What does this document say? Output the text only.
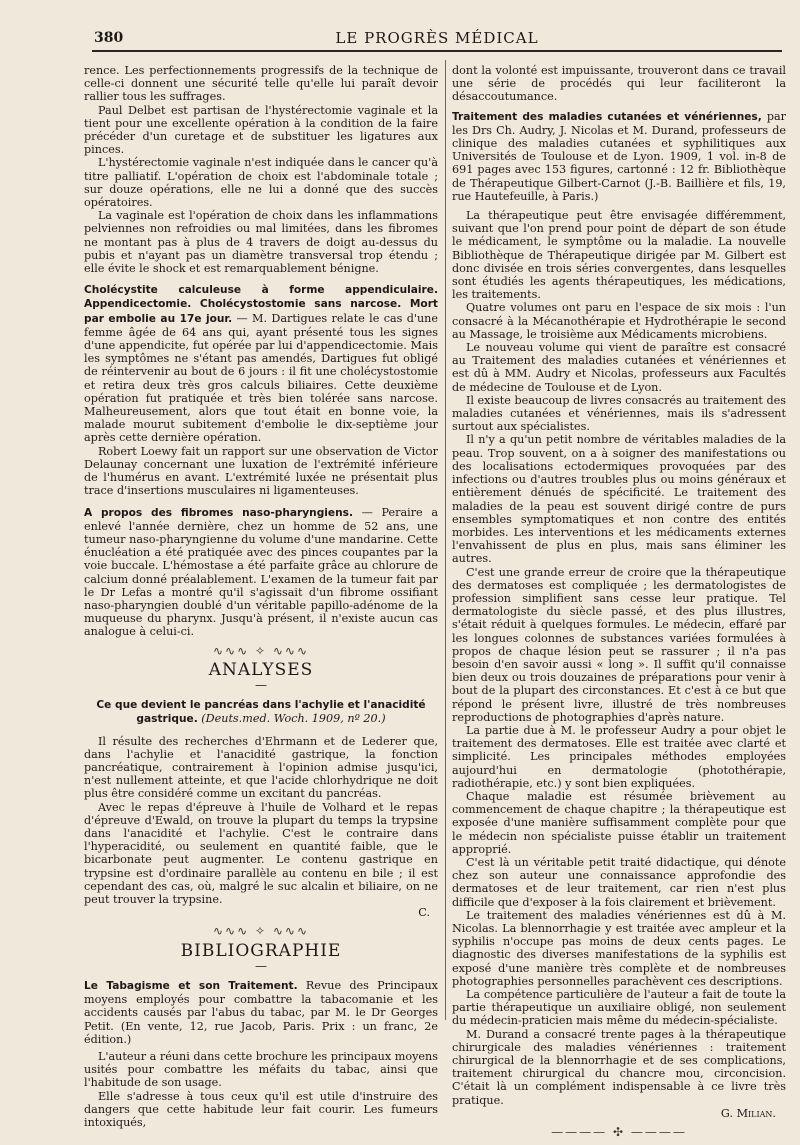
380	LE PROGRÈS MÉDICAL

rence. Les perfectionnements progressifs de la technique de celle-ci donnent une sécurité telle qu'elle lui paraît devoir rallier tous les suffrages.

Paul Delbet est partisan de l'hystérectomie vaginale et la tient pour une excellente opération à la condition de la faire précéder d'un curetage et de substituer les ligatures aux pinces.

L'hystérectomie vaginale n'est indiquée dans le cancer qu'à titre palliatif. L'opération de choix est l'abdominale totale ; sur douze opérations, elle ne lui a donné que des succès opératoires.

La vaginale est l'opération de choix dans les inflammations pelviennes non refroidies ou mal limitées, dans les fibromes ne montant pas à plus de 4 travers de doigt au-dessus du pubis et n'ayant pas un diamètre transversal trop étendu ; elle évite le shock et est remarquablement bénigne.

Cholécystite calculeuse à forme appendiculaire. Appendicectomie. Cholécystostomie sans narcose. Mort par embolie au 17e jour. — M. Dartigues relate le cas d'une femme âgée de 64 ans qui, ayant présenté tous les signes d'une appendicite, fut opérée par lui d'appendicectomie. Mais les symptômes ne s'étant pas amendés, Dartigues fut obligé de réintervenir au bout de 6 jours : il fit une cholécystostomie et retira deux très gros calculs biliaires. Cette deuxième opération fut pratiquée et très bien tolérée sans narcose. Malheureusement, alors que tout était en bonne voie, la malade mourut subitement d'embolie le dix-septième jour après cette dernière opération.

Robert Loewy fait un rapport sur une observation de Victor Delaunay concernant une luxation de l'extrémité inférieure de l'humérus en avant. L'extrémité luxée ne présentait plus trace d'insertions musculaires ni ligamenteuses.

A propos des fibromes naso-pharyngiens. — Peraire a enlevé l'année dernière, chez un homme de 52 ans, une tumeur naso-pharyngienne du volume d'une mandarine. Cette énucléation a été pratiquée avec des pinces coupantes par la voie buccale. L'hémostase a été parfaite grâce au chlorure de calcium donné préalablement. L'examen de la tumeur fait par le Dr Lefas a montré qu'il s'agissait d'un fibrome ossifiant naso-pharyngien doublé d'un véritable papillo-adénome de la muqueuse du pharynx. Jusqu'à présent, il n'existe aucun cas analogue à celui-ci.

∿∿∿ ✧ ∿∿∿
ANALYSES
—

Ce que devient le pancréas dans l'achylie et l'anacidité gastrique. (Deuts.med. Woch. 1909, nº 20.)

Il résulte des recherches d'Ehrmann et de Lederer que, dans l'achylie et l'anacidité gastrique, la fonction pancréatique, contrairement à l'opinion admise jusqu'ici, n'est nullement atteinte, et que l'acide chlorhydrique ne doit plus être considéré comme un excitant du pancréas.

Avec le repas d'épreuve à l'huile de Volhard et le repas d'épreuve d'Ewald, on trouve la plupart du temps la trypsine dans l'anacidité et l'achylie. C'est le contraire dans l'hyperacidité, ou seulement en quantité faible, que le bicarbonate peut augmenter. Le contenu gastrique en trypsine est d'ordinaire parallèle au contenu en bile ; il est cependant des cas, où, malgré le suc alcalin et biliaire, on ne peut trouver la trypsine.

C.

∿∿∿ ✧ ∿∿∿
BIBLIOGRAPHIE
—

Le Tabagisme et son Traitement. Revue des Principaux moyens employés pour combattre la tabacomanie et les accidents causés par l'abus du tabac, par M. le Dr Georges Petit. (En vente, 12, rue Jacob, Paris. Prix : un franc, 2e édition.)

L'auteur a réuni dans cette brochure les principaux moyens usités pour combattre les méfaits du tabac, ainsi que l'habitude de son usage.

Elle s'adresse à tous ceux qu'il est utile d'instruire des dangers que cette habitude leur fait courir. Les fumeurs intoxiqués,

dont la volonté est impuissante, trouveront dans ce travail une série de procédés qui leur faciliteront la désaccoutumance.

Traitement des maladies cutanées et vénériennes, par les Drs Ch. Audry, J. Nicolas et M. Durand, professeurs de clinique des maladies cutanées et syphilitiques aux Universités de Toulouse et de Lyon. 1909, 1 vol. in-8 de 691 pages avec 153 figures, cartonné : 12 fr. Bibliothèque de Thérapeutique Gilbert-Carnot (J.-B. Baillière et fils, 19, rue Hautefeuille, à Paris.)

La thérapeutique peut être envisagée différemment, suivant que l'on prend pour point de départ de son étude le médicament, le symptôme ou la maladie. La nouvelle Bibliothèque de Thérapeutique dirigée par M. Gilbert est donc divisée en trois séries convergentes, dans lesquelles sont étudiés les agents thérapeutiques, les médications, les traitements.

Quatre volumes ont paru en l'espace de six mois : l'un consacré à la Mécanothérapie et Hydrothérapie le second au Massage, le troisième aux Médicaments microbiens.

Le nouveau volume qui vient de paraître est consacré au Traitement des maladies cutanées et vénériennes et est dû à MM. Audry et Nicolas, professeurs aux Facultés de médecine de Toulouse et de Lyon.

Il existe beaucoup de livres consacrés au traitement des maladies cutanées et vénériennes, mais ils s'adressent surtout aux spécialistes.

Il n'y a qu'un petit nombre de véritables maladies de la peau. Trop souvent, on a à soigner des manifestations ou des localisations ectodermiques provoquées par des infections ou d'autres troubles plus ou moins généraux et entièrement dénués de spécificité. Le traitement des maladies de la peau est souvent dirigé contre de purs ensembles symptomatiques et non contre des entités morbides. Les interventions et les médicaments externes l'envahissent de plus en plus, mais sans éliminer les autres.

C'est une grande erreur de croire que la thérapeutique des dermatoses est compliquée ; les dermatologistes de profession simplifient sans cesse leur pratique. Tel dermatologiste du siècle passé, et des plus illustres, s'était réduit à quelques formules. Le médecin, effaré par les longues colonnes de substances variées formulées à propos de chaque lésion peut se rassurer ; il n'a pas besoin d'en savoir aussi « long ». Il suffit qu'il connaisse bien deux ou trois douzaines de préparations pour venir à bout de la plupart des circonstances. Et c'est à ce but que répond le présent livre, illustré de très nombreuses reproductions de photographies d'après nature.

La partie due à M. le professeur Audry a pour objet le traitement des dermatoses. Elle est traitée avec clarté et simplicité. Les principales méthodes employées aujourd'hui en dermatologie (photothérapie, radiothérapie, etc.) y sont bien expliquées.

Chaque maladie est résumée brièvement au commencement de chaque chapitre ; la thérapeutique est exposée d'une manière suffisamment complète pour que le médecin non spécialiste puisse établir un traitement approprié.

C'est là un véritable petit traité didactique, qui dénote chez son auteur une connaissance approfondie des dermatoses et de leur traitement, car rien n'est plus difficile que d'exposer à la fois clairement et brièvement.

Le traitement des maladies vénériennes est dû à M. Nicolas. La blennorrhagie y est traitée avec ampleur et la syphilis n'occupe pas moins de deux cents pages. Le diagnostic des diverses manifestations de la syphilis est exposé d'une manière très complète et de nombreuses photographies personnelles parachèvent ces descriptions.

La compétence particulière de l'auteur a fait de toute la partie thérapeutique un auxiliaire obligé, non seulement du médecin-praticien mais même du médecin-spécialiste.

M. Durand a consacré trente pages à la thérapeutique chirurgicale des maladies vénériennes : traitement chirurgical de la blennorrhagie et de ses complications, traitement chirurgical du chancre mou, circoncision. C'était là un complément indispensable à ce livre très pratique.

G. Milian.

———— ✣ ————
